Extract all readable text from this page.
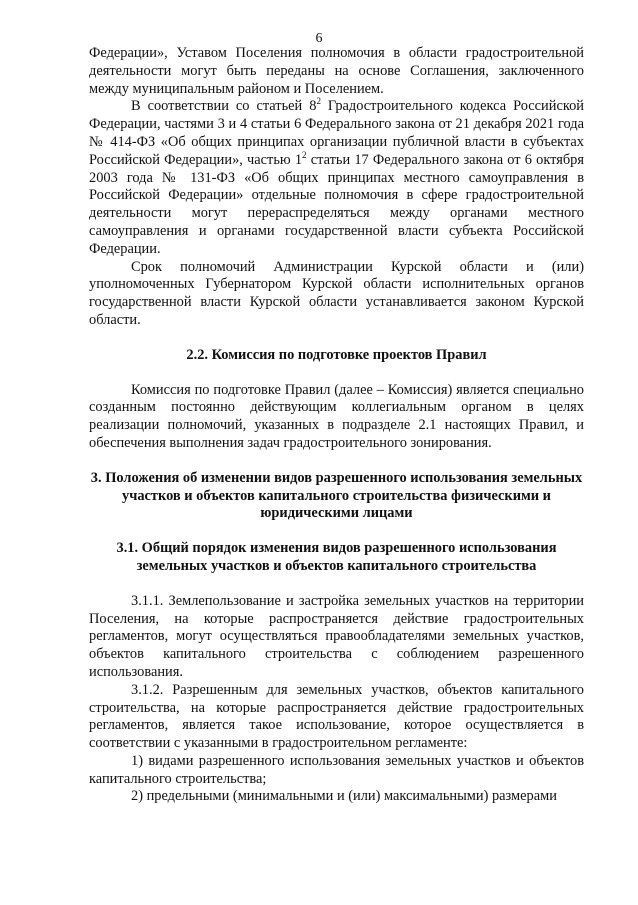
6

Федерации», Уставом Поселения полномочия в области градостроительной деятельности могут быть переданы на основе Соглашения, заключенного между муниципальным районом и Поселением.

В соответствии со статьей $8^2$ Градостроительного кодекса Российской Федерации, частями 3 и 4 статьи 6 Федерального закона от 21 декабря 2021 года № 414-ФЗ «Об общих принципах организации публичной власти в субъектах Российской Федерации», частью $1^2$ статьи 17 Федерального закона от 6 октября 2003 года № 131-ФЗ «Об общих принципах местного самоуправления в Российской Федерации» отдельные полномочия в сфере градостроительной деятельности могут перераспределяться между органами местного самоуправления и органами государственной власти субъекта Российской Федерации.

Срок полномочий Администрации Курской области и (или) уполномоченных Губернатором Курской области исполнительных органов государственной власти Курской области устанавливается законом Курской области.

2.2. Комиссия по подготовке проектов Правил

Комиссия по подготовке Правил (далее – Комиссия) является специально созданным постоянно действующим коллегиальным органом в целях реализации полномочий, указанных в подразделе 2.1 настоящих Правил, и обеспечения выполнения задач градостроительного зонирования.

3. Положения об изменении видов разрешенного использования земельных участков и объектов капитального строительства физическими и юридическими лицами

3.1. Общий порядок изменения видов разрешенного использования земельных участков и объектов капитального строительства

3.1.1. Землепользование и застройка земельных участков на территории Поселения, на которые распространяется действие градостроительных регламентов, могут осуществляться правообладателями земельных участков, объектов капитального строительства с соблюдением разрешенного использования.

3.1.2. Разрешенным для земельных участков, объектов капитального строительства, на которые распространяется действие градостроительных регламентов, является такое использование, которое осуществляется в соответствии с указанными в градостроительном регламенте:

1) видами разрешенного использования земельных участков и объектов капитального строительства;

2) предельными (минимальными и (или) максимальными) размерами
